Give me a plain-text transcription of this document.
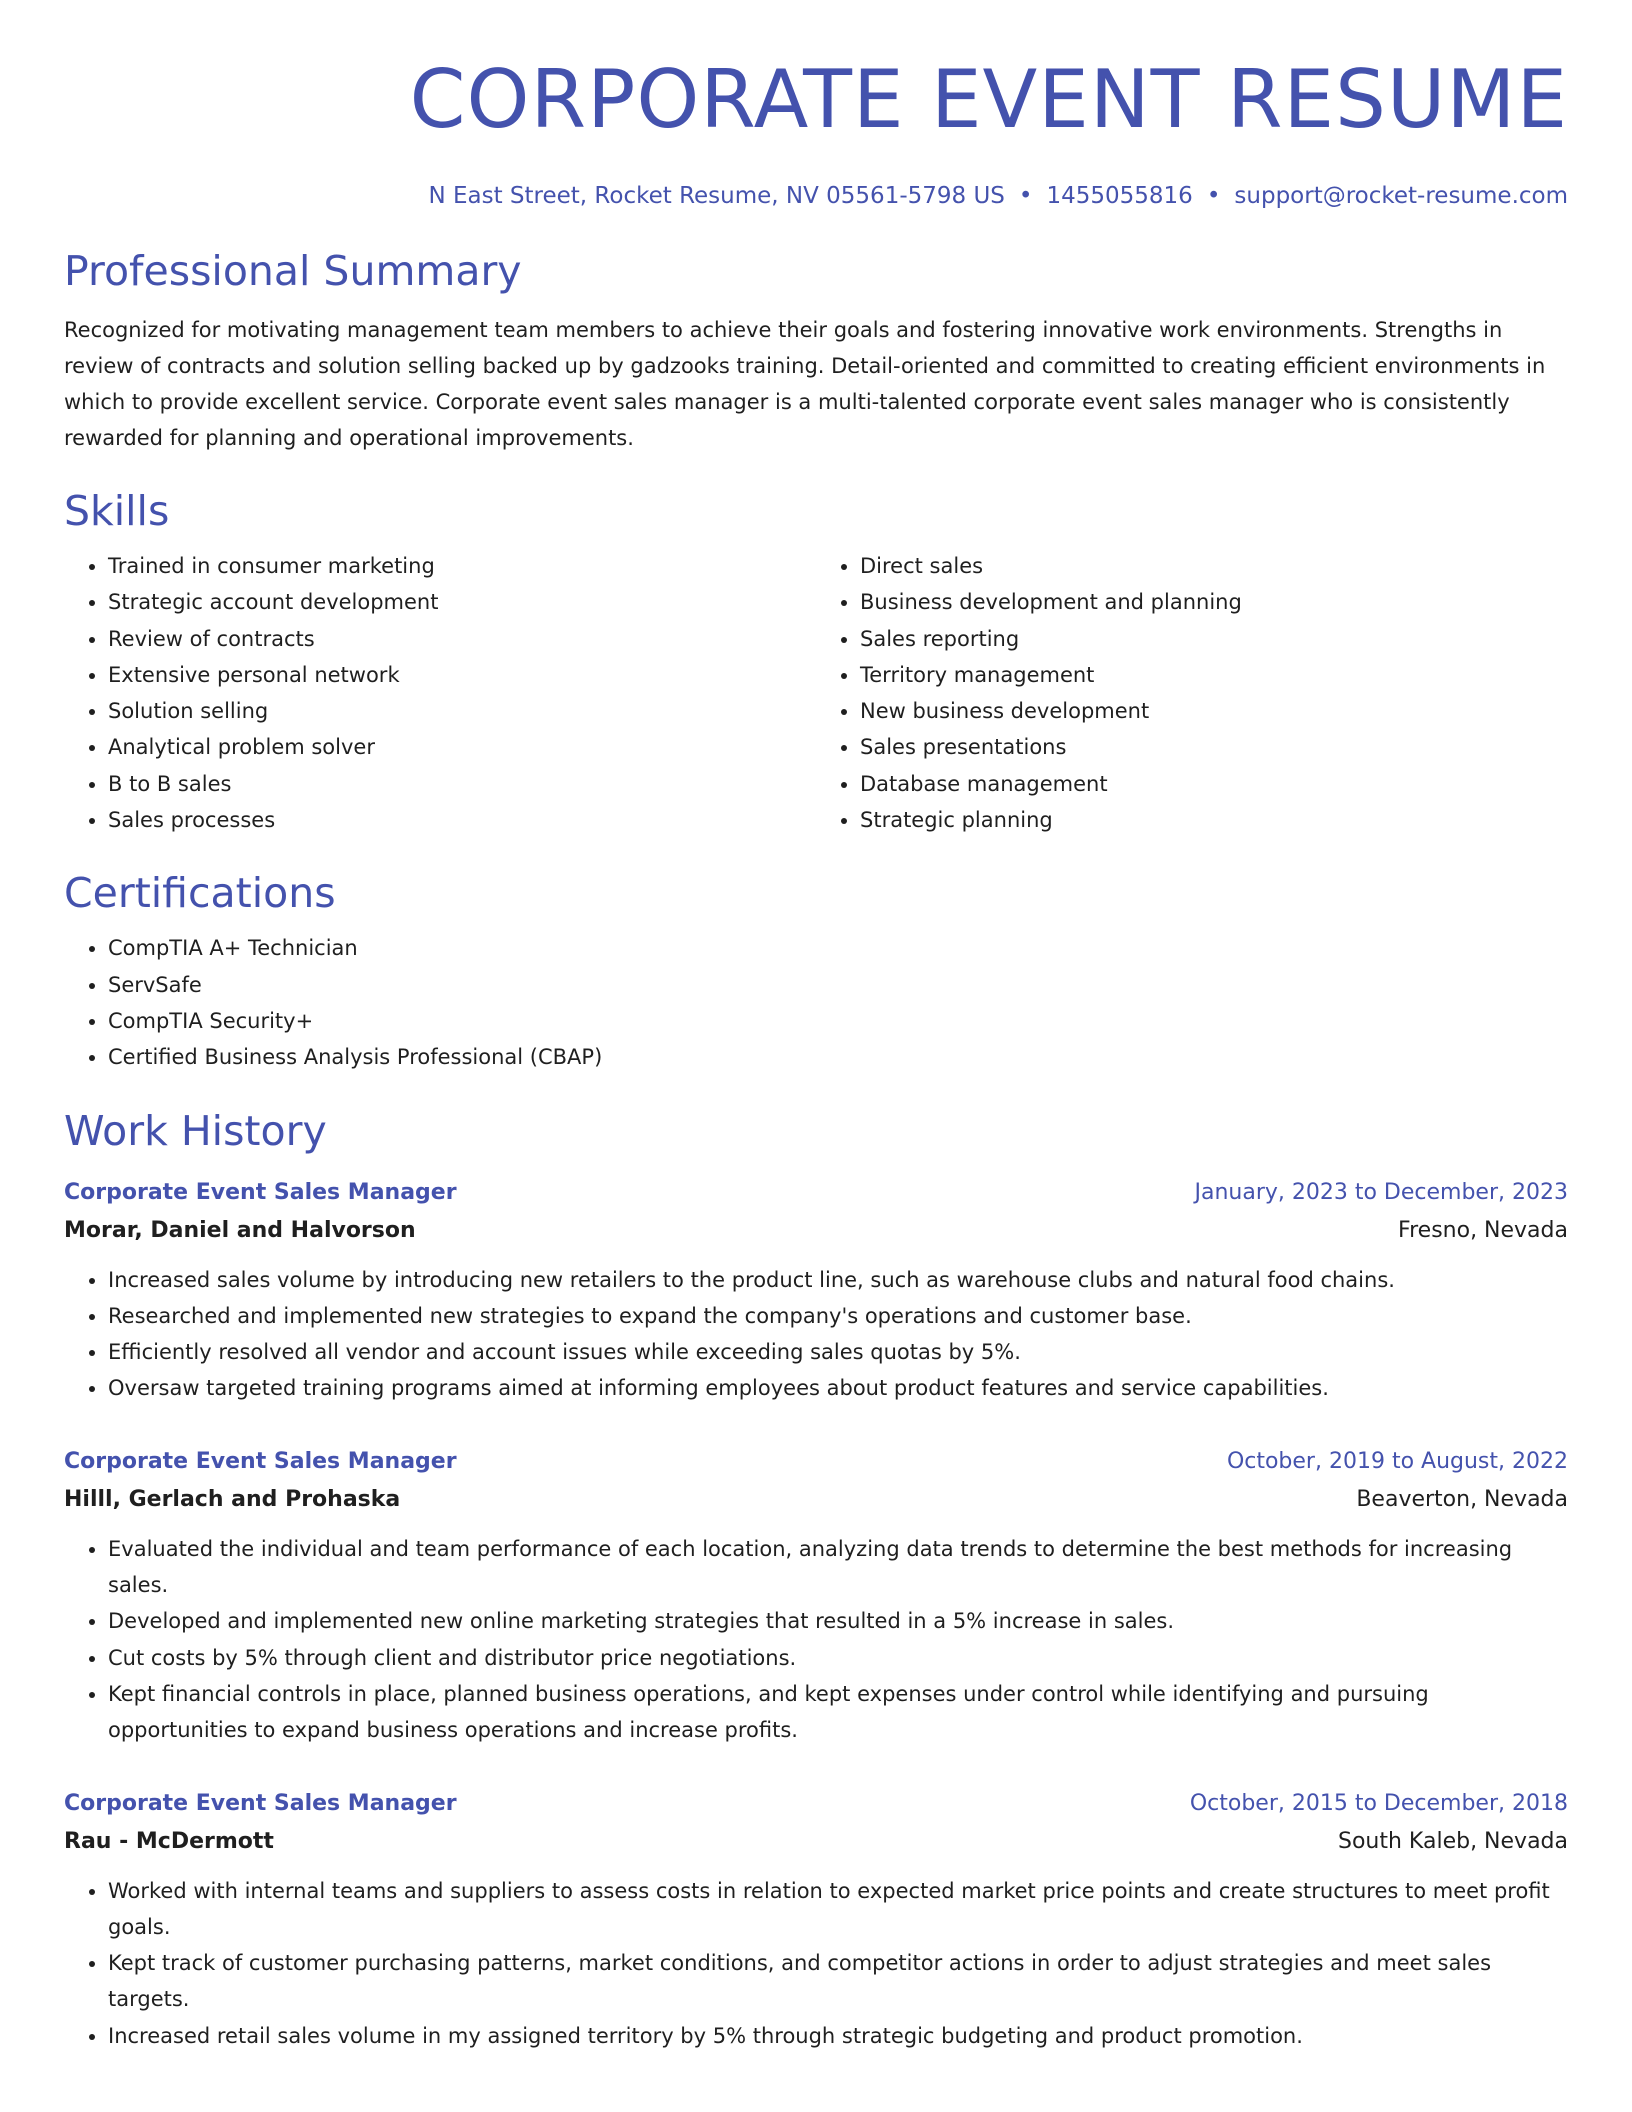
CORPORATE EVENT RESUME
N East Street, Rocket Resume, NV 05561-5798 US • 1455055816 • support@rocket-resume.com
Professional Summary
Recognized for motivating management team members to achieve their goals and fostering innovative work environments. Strengths in review of contracts and solution selling backed up by gadzooks training. Detail-oriented and committed to creating efficient environments in which to provide excellent service. Corporate event sales manager is a multi-talented corporate event sales manager who is consistently rewarded for planning and operational improvements.
Skills
• Trained in consumer marketing
• Strategic account development
• Review of contracts
• Extensive personal network
• Solution selling
• Analytical problem solver
• B to B sales
• Sales processes
• Direct sales
• Business development and planning
• Sales reporting
• Territory management
• New business development
• Sales presentations
• Database management
• Strategic planning
Certifications
• CompTIA A+ Technician
• ServSafe
• CompTIA Security+
• Certified Business Analysis Professional (CBAP)
Work History
Corporate Event Sales Manager	January, 2023 to December, 2023
Morar, Daniel and Halvorson	Fresno, Nevada
• Increased sales volume by introducing new retailers to the product line, such as warehouse clubs and natural food chains.
• Researched and implemented new strategies to expand the company's operations and customer base.
• Efficiently resolved all vendor and account issues while exceeding sales quotas by 5%.
• Oversaw targeted training programs aimed at informing employees about product features and service capabilities.
Corporate Event Sales Manager	October, 2019 to August, 2022
Hilll, Gerlach and Prohaska	Beaverton, Nevada
• Evaluated the individual and team performance of each location, analyzing data trends to determine the best methods for increasing sales.
• Developed and implemented new online marketing strategies that resulted in a 5% increase in sales.
• Cut costs by 5% through client and distributor price negotiations.
• Kept financial controls in place, planned business operations, and kept expenses under control while identifying and pursuing opportunities to expand business operations and increase profits.
Corporate Event Sales Manager	October, 2015 to December, 2018
Rau - McDermott	South Kaleb, Nevada
• Worked with internal teams and suppliers to assess costs in relation to expected market price points and create structures to meet profit goals.
• Kept track of customer purchasing patterns, market conditions, and competitor actions in order to adjust strategies and meet sales targets.
• Increased retail sales volume in my assigned territory by 5% through strategic budgeting and product promotion.
